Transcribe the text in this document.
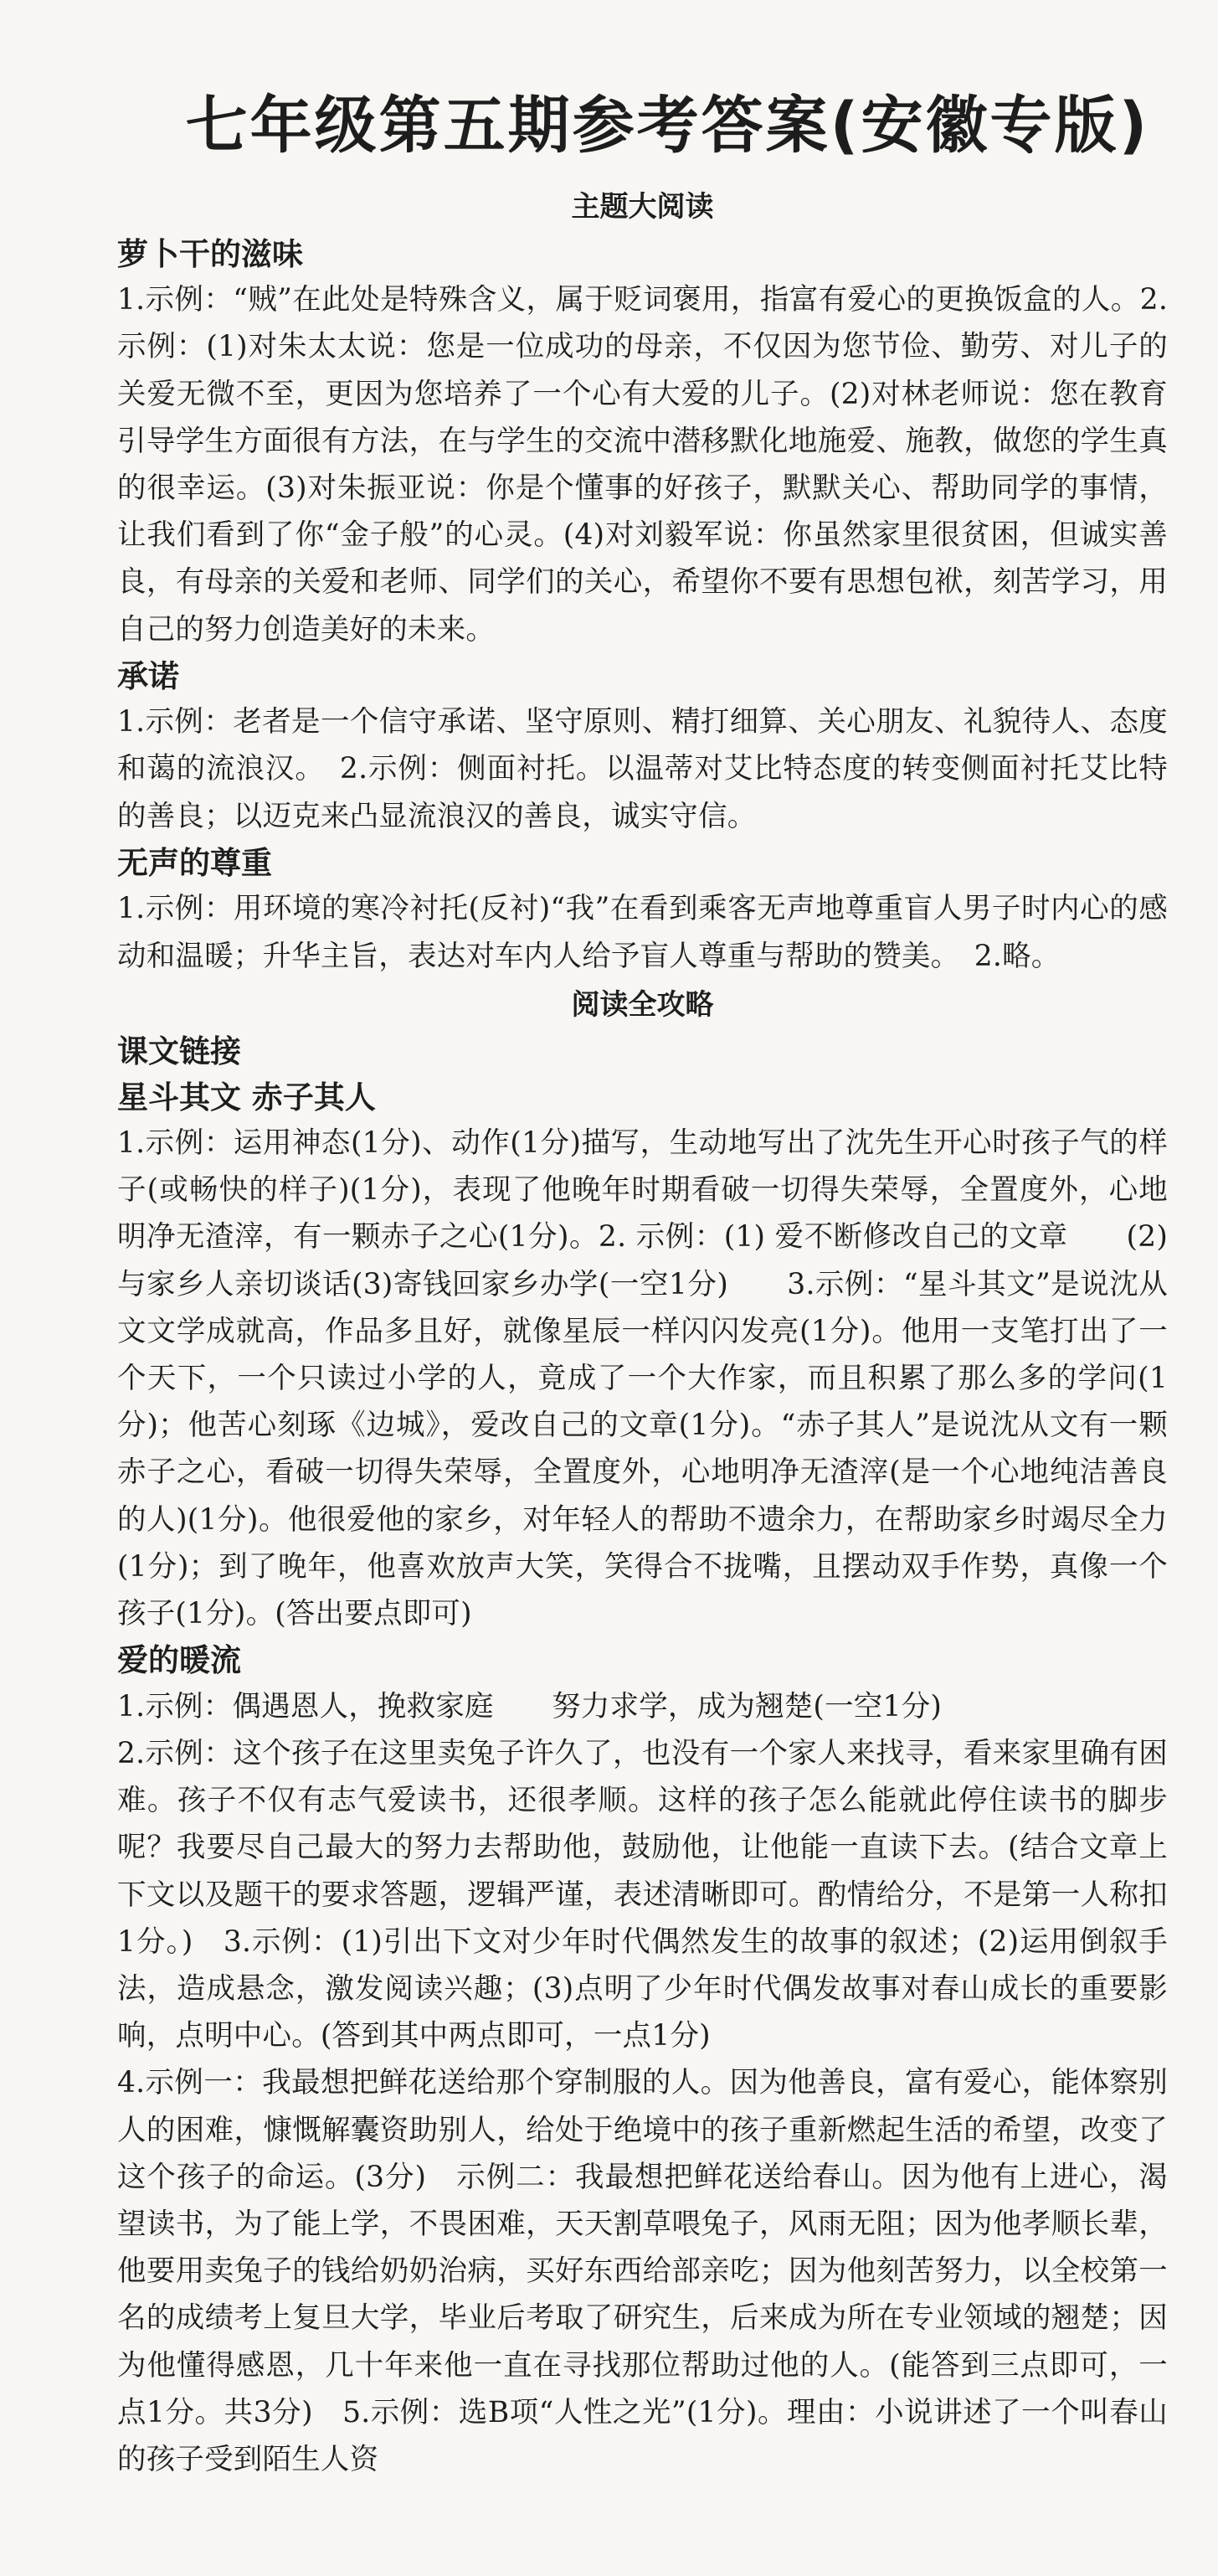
七年级第五期参考答案(安徽专版)
主题大阅读
萝卜干的滋味

1.示例：“贼”在此处是特殊含义，属于贬词褒用，指富有爱心的更换饭盒的人。2.示例：(1)对朱太太说：您是一位成功的母亲，不仅因为您节俭、勤劳、对儿子的关爱无微不至，更因为您培养了一个心有大爱的儿子。(2)对林老师说：您在教育引导学生方面很有方法，在与学生的交流中潜移默化地施爱、施教，做您的学生真的很幸运。(3)对朱振亚说：你是个懂事的好孩子，默默关心、帮助同学的事情，让我们看到了你“金子般”的心灵。(4)对刘毅军说：你虽然家里很贫困，但诚实善良，有母亲的关爱和老师、同学们的关心，希望你不要有思想包袱，刻苦学习，用自己的努力创造美好的未来。

承诺

1.示例：老者是一个信守承诺、坚守原则、精打细算、关心朋友、礼貌待人、态度和蔼的流浪汉。　2.示例：侧面衬托。以温蒂对艾比特态度的转变侧面衬托艾比特的善良；以迈克来凸显流浪汉的善良，诚实守信。

无声的尊重

1.示例：用环境的寒冷衬托(反衬)“我”在看到乘客无声地尊重盲人男子时内心的感动和温暖；升华主旨，表达对车内人给予盲人尊重与帮助的赞美。　2.略。

阅读全攻略
课文链接
星斗其文 赤子其人

1.示例：运用神态(1分)、动作(1分)描写，生动地写出了沈先生开心时孩子气的样子(或畅快的样子)(1分)，表现了他晚年时期看破一切得失荣辱，全置度外，心地明净无渣滓，有一颗赤子之心(1分)。2. 示例：(1) 爱不断修改自己的文章　　(2) 与家乡人亲切谈话(3)寄钱回家乡办学(一空1分)　　3.示例：“星斗其文”是说沈从文文学成就高，作品多且好，就像星辰一样闪闪发亮(1分)。他用一支笔打出了一个天下，一个只读过小学的人，竟成了一个大作家，而且积累了那么多的学问(1分)；他苦心刻琢《边城》，爱改自己的文章(1分)。“赤子其人”是说沈从文有一颗赤子之心，看破一切得失荣辱，全置度外，心地明净无渣滓(是一个心地纯洁善良的人)(1分)。他很爱他的家乡，对年轻人的帮助不遗余力，在帮助家乡时竭尽全力(1分)；到了晚年，他喜欢放声大笑，笑得合不拢嘴，且摆动双手作势，真像一个孩子(1分)。(答出要点即可)

爱的暖流

1.示例：偶遇恩人，挽救家庭　　努力求学，成为翘楚(一空1分)

2.示例：这个孩子在这里卖兔子许久了，也没有一个家人来找寻，看来家里确有困难。孩子不仅有志气爱读书，还很孝顺。这样的孩子怎么能就此停住读书的脚步呢？我要尽自己最大的努力去帮助他，鼓励他，让他能一直读下去。(结合文章上下文以及题干的要求答题，逻辑严谨，表述清晰即可。酌情给分，不是第一人称扣1分。)　3.示例：(1)引出下文对少年时代偶然发生的故事的叙述；(2)运用倒叙手法，造成悬念，激发阅读兴趣；(3)点明了少年时代偶发故事对春山成长的重要影响，点明中心。(答到其中两点即可，一点1分)

4.示例一：我最想把鲜花送给那个穿制服的人。因为他善良，富有爱心，能体察别人的困难，慷慨解囊资助别人，给处于绝境中的孩子重新燃起生活的希望，改变了这个孩子的命运。(3分)　示例二：我最想把鲜花送给春山。因为他有上进心，渴望读书，为了能上学，不畏困难，天天割草喂兔子，风雨无阻；因为他孝顺长辈，他要用卖兔子的钱给奶奶治病，买好东西给部亲吃；因为他刻苦努力，以全校第一名的成绩考上复旦大学，毕业后考取了研究生，后来成为所在专业领域的翘楚；因为他懂得感恩，几十年来他一直在寻找那位帮助过他的人。(能答到三点即可，一点1分。共3分)　5.示例：选B项“人性之光”(1分)。理由：小说讲述了一个叫春山的孩子受到陌生人资
